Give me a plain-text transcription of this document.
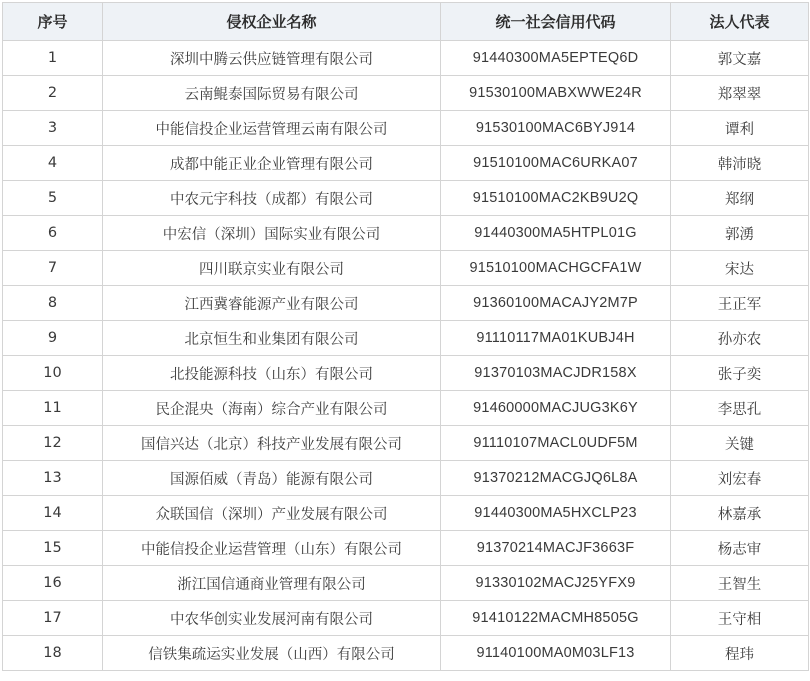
序号	侵权企业名称	统一社会信用代码	法人代表
1	深圳中腾云供应链管理有限公司	91440300MA5EPTEQ6D	郭文嘉
2	云南鲲泰国际贸易有限公司	91530100MABXWWE24R	郑翠翠
3	中能信投企业运营管理云南有限公司	91530100MAC6BYJ914	谭利
4	成都中能正业企业管理有限公司	91510100MAC6URKA07	韩沛晓
5	中农元宇科技（成都）有限公司	91510100MAC2KB9U2Q	郑纲
6	中宏信（深圳）国际实业有限公司	91440300MA5HTPL01G	郭湧
7	四川联京实业有限公司	91510100MACHGCFA1W	宋达
8	江西冀睿能源产业有限公司	91360100MACAJY2M7P	王正军
9	北京恒生和业集团有限公司	91110117MA01KUBJ4H	孙亦农
10	北投能源科技（山东）有限公司	91370103MACJDR158X	张子奕
11	民企混央（海南）综合产业有限公司	91460000MACJUG3K6Y	李思孔
12	国信兴达（北京）科技产业发展有限公司	91110107MACL0UDF5M	关键
13	国源佰威（青岛）能源有限公司	91370212MACGJQ6L8A	刘宏春
14	众联国信（深圳）产业发展有限公司	91440300MA5HXCLP23	林嘉承
15	中能信投企业运营管理（山东）有限公司	91370214MACJF3663F	杨志审
16	浙江国信通商业管理有限公司	91330102MACJ25YFX9	王智生
17	中农华创实业发展河南有限公司	91410122MACMH8505G	王守相
18	信铁集疏运实业发展（山西）有限公司	91140100MA0M03LF13	程玮
